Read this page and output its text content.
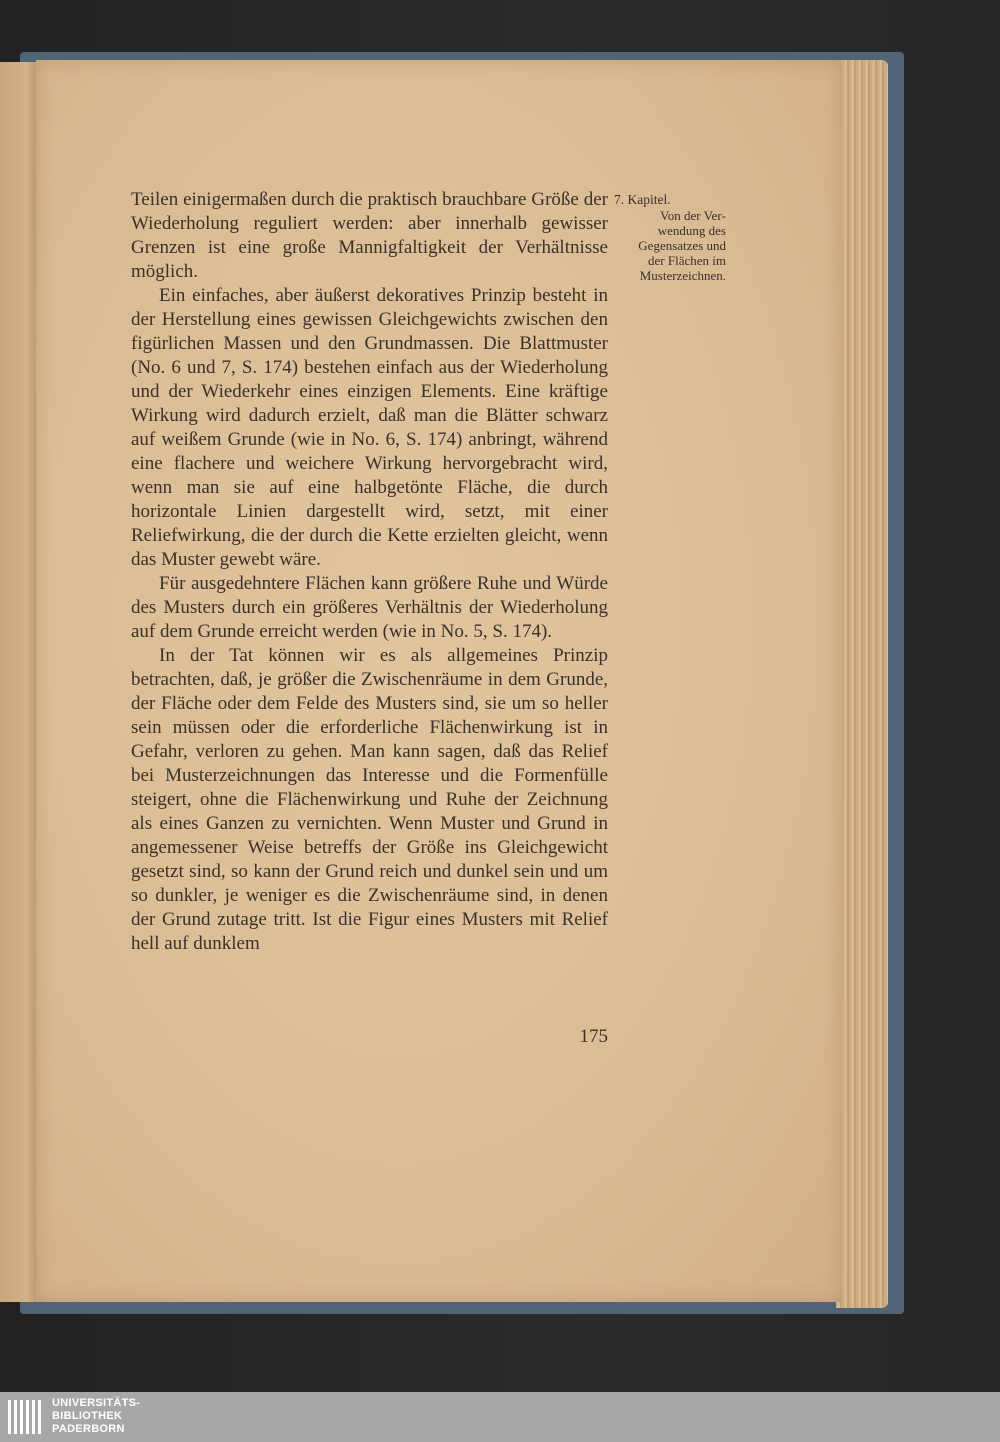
Teilen einigermaßen durch die praktisch brauchbare Größe der Wiederholung reguliert werden: aber innerhalb gewisser Grenzen ist eine große Mannigfaltigkeit der Verhältnisse möglich.

Ein einfaches, aber äußerst dekoratives Prinzip besteht in der Herstellung eines gewissen Gleichgewichts zwischen den figürlichen Massen und den Grundmassen. Die Blattmuster (No. 6 und 7, S. 174) bestehen einfach aus der Wiederholung und der Wiederkehr eines einzigen Elements. Eine kräftige Wirkung wird dadurch erzielt, daß man die Blätter schwarz auf weißem Grunde (wie in No. 6, S. 174) anbringt, während eine flachere und weichere Wirkung hervorgebracht wird, wenn man sie auf eine halbgetönte Fläche, die durch horizontale Linien dargestellt wird, setzt, mit einer Reliefwirkung, die der durch die Kette erzielten gleicht, wenn das Muster gewebt wäre.

Für ausgedehntere Flächen kann größere Ruhe und Würde des Musters durch ein größeres Verhältnis der Wiederholung auf dem Grunde erreicht werden (wie in No. 5, S. 174).

In der Tat können wir es als allgemeines Prinzip betrachten, daß, je größer die Zwischenräume in dem Grunde, der Fläche oder dem Felde des Musters sind, sie um so heller sein müssen oder die erforderliche Flächenwirkung ist in Gefahr, verloren zu gehen. Man kann sagen, daß das Relief bei Musterzeichnungen das Interesse und die Formenfülle steigert, ohne die Flächenwirkung und Ruhe der Zeichnung als eines Ganzen zu vernichten. Wenn Muster und Grund in angemessener Weise betreffs der Größe ins Gleichgewicht gesetzt sind, so kann der Grund reich und dunkel sein und um so dunkler, je weniger es die Zwischenräume sind, in denen der Grund zutage tritt. Ist die Figur eines Musters mit Relief hell auf dunklem

7. Kapitel.
Von der Verwendung des Gegensatzes und der Flächen im Musterzeichnen.
175
UNIVERSITÄTS-
BIBLIOTHEK
PADERBORN
